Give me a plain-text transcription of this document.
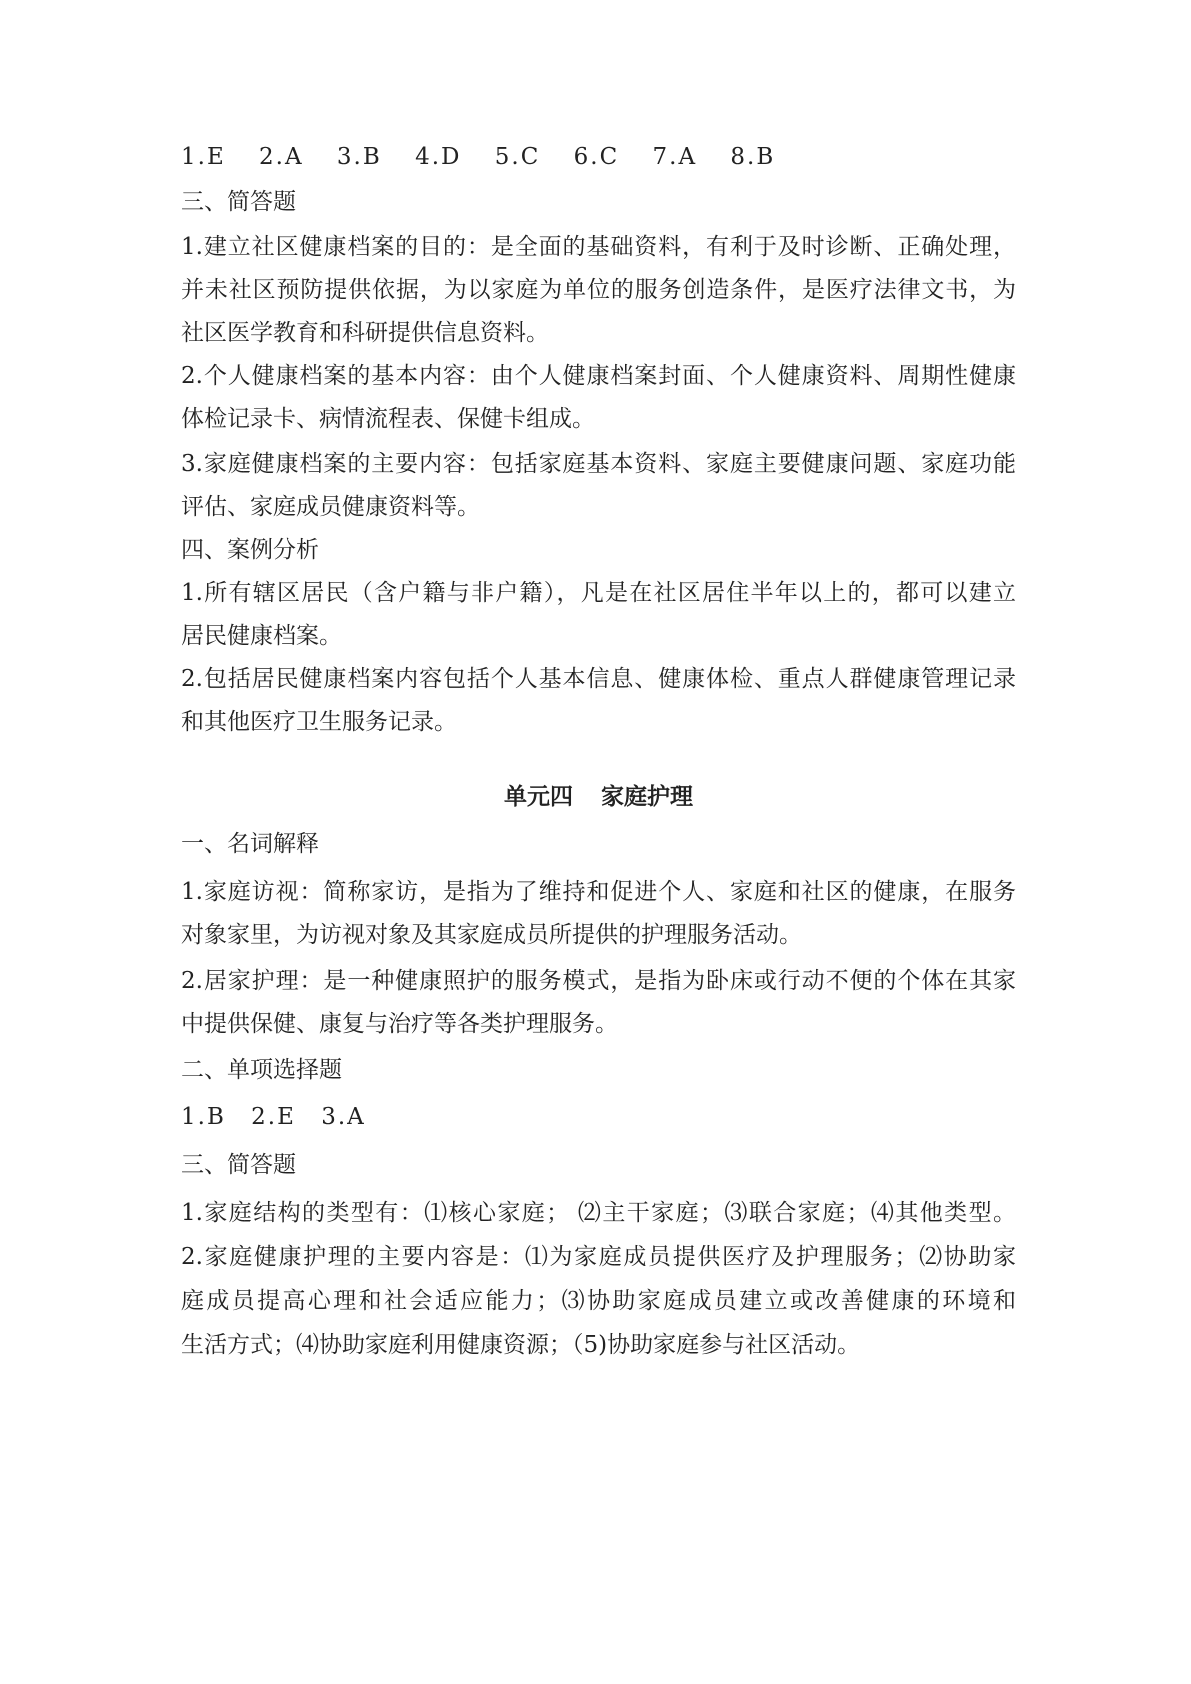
1.E 2.A 3.B 4.D 5.C 6.C 7.A 8.B
三、简答题
1.建立社区健康档案的目的：是全面的基础资料，有利于及时诊断、正确处理，
并未社区预防提供依据，为以家庭为单位的服务创造条件，是医疗法律文书，为
社区医学教育和科研提供信息资料。
2.个人健康档案的基本内容：由个人健康档案封面、个人健康资料、周期性健康
体检记录卡、病情流程表、保健卡组成。
3.家庭健康档案的主要内容：包括家庭基本资料、家庭主要健康问题、家庭功能
评估、家庭成员健康资料等。
四、案例分析
1.所有辖区居民（含户籍与非户籍），凡是在社区居住半年以上的，都可以建立
居民健康档案。
2.包括居民健康档案内容包括个人基本信息、健康体检、重点人群健康管理记录
和其他医疗卫生服务记录。
单元四 家庭护理
一、名词解释
1.家庭访视：简称家访，是指为了维持和促进个人、家庭和社区的健康，在服务
对象家里，为访视对象及其家庭成员所提供的护理服务活动。
2.居家护理：是一种健康照护的服务模式，是指为卧床或行动不便的个体在其家
中提供保健、康复与治疗等各类护理服务。
二、单项选择题
1.B 2.E 3.A
三、简答题
1.家庭结构的类型有：⑴核心家庭； ⑵主干家庭；⑶联合家庭；⑷其他类型。
2.家庭健康护理的主要内容是：⑴为家庭成员提供医疗及护理服务；⑵协助家
庭成员提高心理和社会适应能力；⑶协助家庭成员建立或改善健康的环境和
生活方式；⑷协助家庭利用健康资源；（5)协助家庭参与社区活动。
